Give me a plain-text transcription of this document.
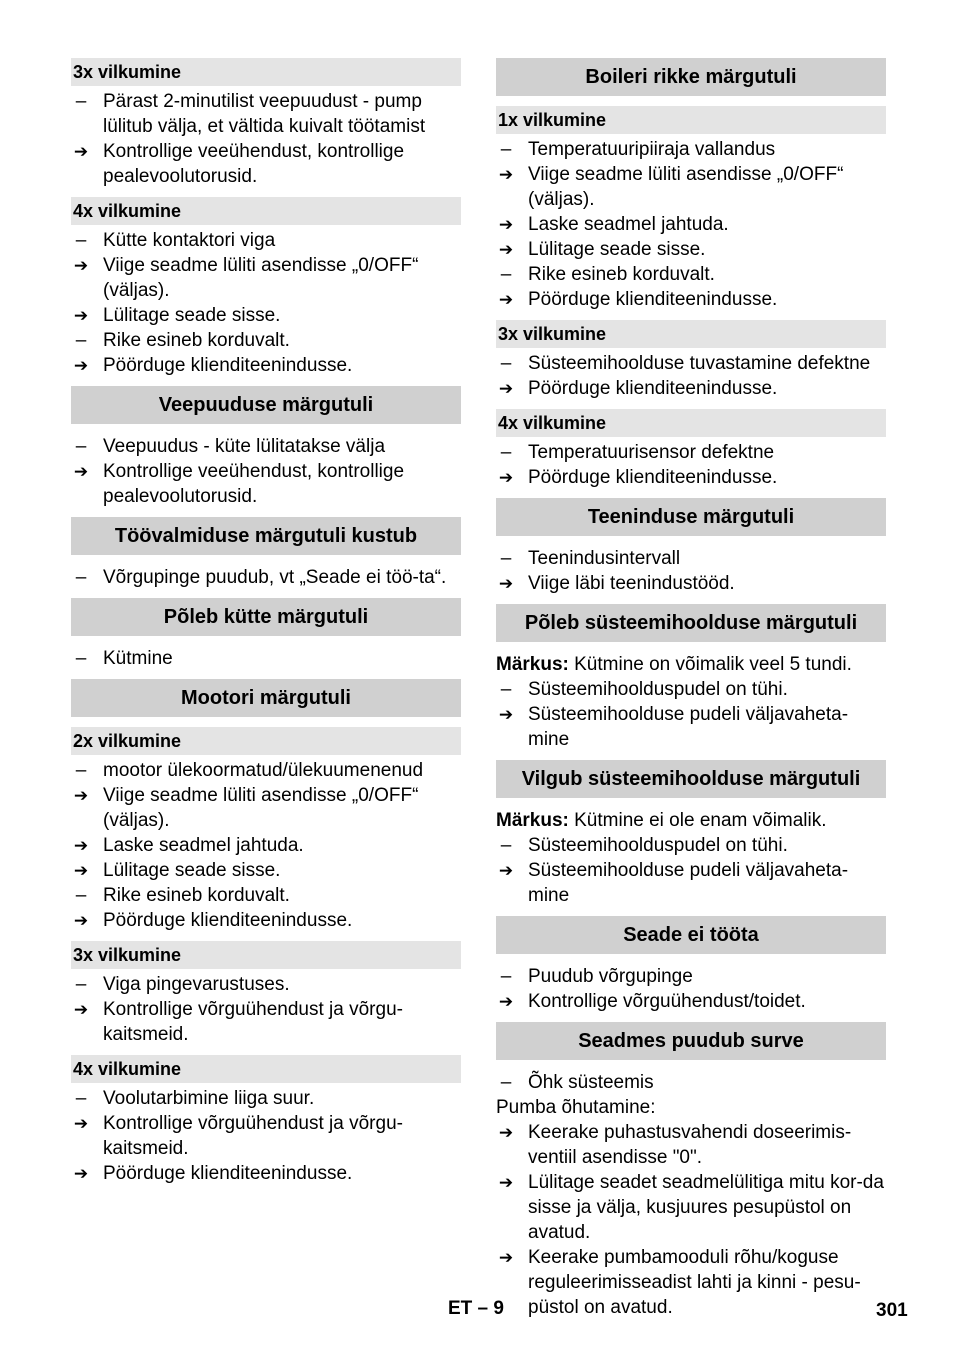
3x vilkumine
– Pärast 2-minutilist veepuudust - pump lülitub välja, et vältida kuivalt töötamist
➔ Kontrollige veeühendust, kontrollige pealevoolutorusid.
4x vilkumine
– Kütte kontaktori viga
➔ Viige seadme lüliti asendisse „0/OFF“ (väljas).
➔ Lülitage seade sisse.
– Rike esineb korduvalt.
➔ Pöörduge klienditeenindusse.
Veepuuduse märgutuli
– Veepuudus - küte lülitatakse välja
➔ Kontrollige veeühendust, kontrollige pealevoolutorusid.
Töövalmiduse märgutuli kustub
– Võrgupinge puudub, vt „Seade ei töö-ta“.
Põleb kütte märgutuli
– Kütmine
Mootori märgutuli
2x vilkumine
– mootor ülekoormatud/ülekuumenenud
➔ Viige seadme lüliti asendisse „0/OFF“ (väljas).
➔ Laske seadmel jahtuda.
➔ Lülitage seade sisse.
– Rike esineb korduvalt.
➔ Pöörduge klienditeenindusse.
3x vilkumine
– Viga pingevarustuses.
➔ Kontrollige võrguühendust ja võrgu-kaitsmeid.
4x vilkumine
– Voolutarbimine liiga suur.
➔ Kontrollige võrguühendust ja võrgu-kaitsmeid.
➔ Pöörduge klienditeenindusse.
Boileri rikke märgutuli
1x vilkumine
– Temperatuuripiiraja vallandus
➔ Viige seadme lüliti asendisse „0/OFF“ (väljas).
➔ Laske seadmel jahtuda.
➔ Lülitage seade sisse.
– Rike esineb korduvalt.
➔ Pöörduge klienditeenindusse.
3x vilkumine
– Süsteemihoolduse tuvastamine defektne
➔ Pöörduge klienditeenindusse.
4x vilkumine
– Temperatuurisensor defektne
➔ Pöörduge klienditeenindusse.
Teeninduse märgutuli
– Teenindusintervall
➔ Viige läbi teenindustööd.
Põleb süsteemihoolduse märgutuli
Märkus: Kütmine on võimalik veel 5 tundi.
– Süsteemihoolduspudel on tühi.
➔ Süsteemihoolduse pudeli väljavaheta-mine
Vilgub süsteemihoolduse märgutuli
Märkus: Kütmine ei ole enam võimalik.
– Süsteemihoolduspudel on tühi.
➔ Süsteemihoolduse pudeli väljavaheta-mine
Seade ei tööta
– Puudub võrgupinge
➔ Kontrollige võrguühendust/toidet.
Seadmes puudub surve
– Õhk süsteemis
Pumba õhutamine:
➔ Keerake puhastusvahendi doseerimis-ventiil asendisse "0".
➔ Lülitage seadet seadmelülitiga mitu kor-da sisse ja välja, kusjuures pesupüstol on avatud.
➔ Keerake pumbamooduli rõhu/koguse reguleerimisseadist lahti ja kinni - pesu-püstol on avatud.
ET – 9	301
